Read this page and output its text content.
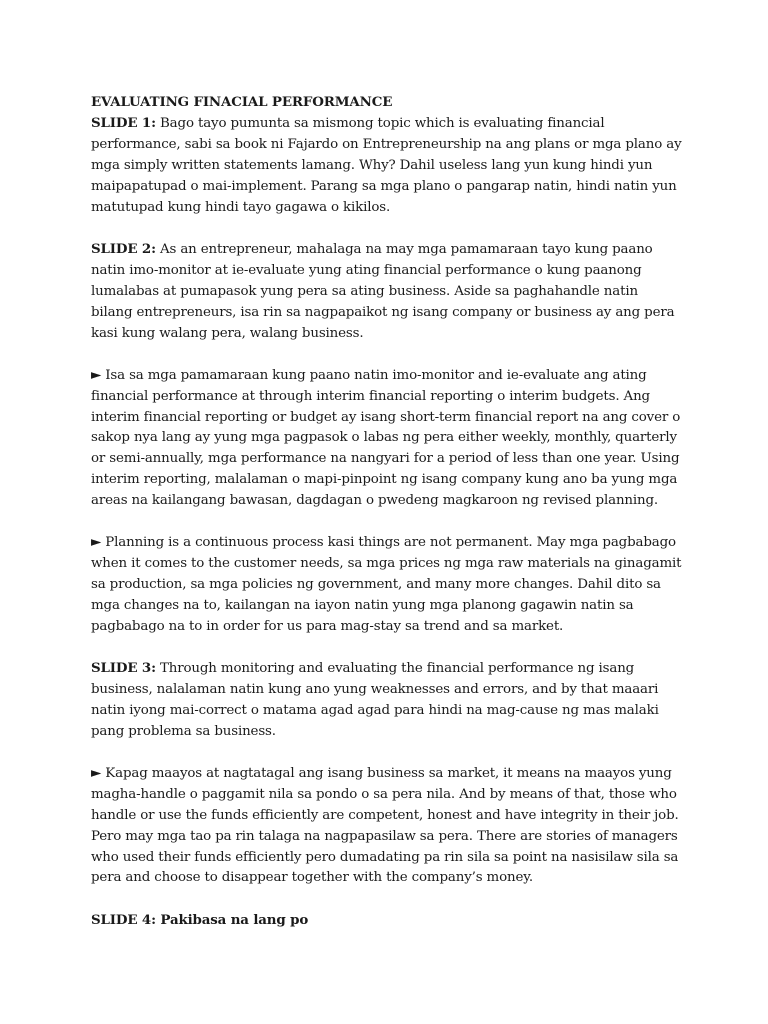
EVALUATING FINACIAL PERFORMANCE

SLIDE 1: Bago tayo pumunta sa mismong topic which is evaluating financial performance, sabi sa book ni Fajardo on Entrepreneurship na ang plans or mga plano ay mga simply written statements lamang. Why? Dahil useless lang yun kung hindi yun maipapatupad o mai-implement. Parang sa mga plano o pangarap natin, hindi natin yun matutupad kung hindi tayo gagawa o kikilos.

SLIDE 2: As an entrepreneur, mahalaga na may mga pamamaraan tayo kung paano natin imo-monitor at ie-evaluate yung ating financial performance o kung paanong lumalabas at pumapasok yung pera sa ating business. Aside sa paghahandle natin bilang entrepreneurs, isa rin sa nagpapaikot ng isang company or business ay ang pera kasi kung walang pera, walang business.

► Isa sa mga pamamaraan kung paano natin imo-monitor and ie-evaluate ang ating financial performance at through interim financial reporting o interim budgets. Ang interim financial reporting or budget ay isang short-term financial report na ang cover o sakop nya lang ay yung mga pagpasok o labas ng pera either weekly, monthly, quarterly or semi-annually, mga performance na nangyari for a period of less than one year. Using interim reporting, malalaman o mapi-pinpoint ng isang company kung ano ba yung mga areas na kailangang bawasan, dagdagan o pwedeng magkaroon ng revised planning.

► Planning is a continuous process kasi things are not permanent. May mga pagbabago when it comes to the customer needs, sa mga prices ng mga raw materials na ginagamit sa production, sa mga policies ng government, and many more changes. Dahil dito sa mga changes na to, kailangan na iayon natin yung mga planong gagawin natin sa pagbabago na to in order for us para mag-stay sa trend and sa market.

SLIDE 3: Through monitoring and evaluating the financial performance ng isang business, nalalaman natin kung ano yung weaknesses and errors, and by that maaari natin iyong mai-correct o matama agad agad para hindi na mag-cause ng mas malaki pang problema sa business.

► Kapag maayos at nagtatagal ang isang business sa market, it means na maayos yung magha-handle o paggamit nila sa pondo o sa pera nila. And by means of that, those who handle or use the funds efficiently are competent, honest and have integrity in their job. Pero may mga tao pa rin talaga na nagpapasilaw sa pera. There are stories of managers who used their funds efficiently pero dumadating pa rin sila sa point na nasisilaw sila sa pera and choose to disappear together with the company’s money.

SLIDE 4: Pakibasa na lang po
